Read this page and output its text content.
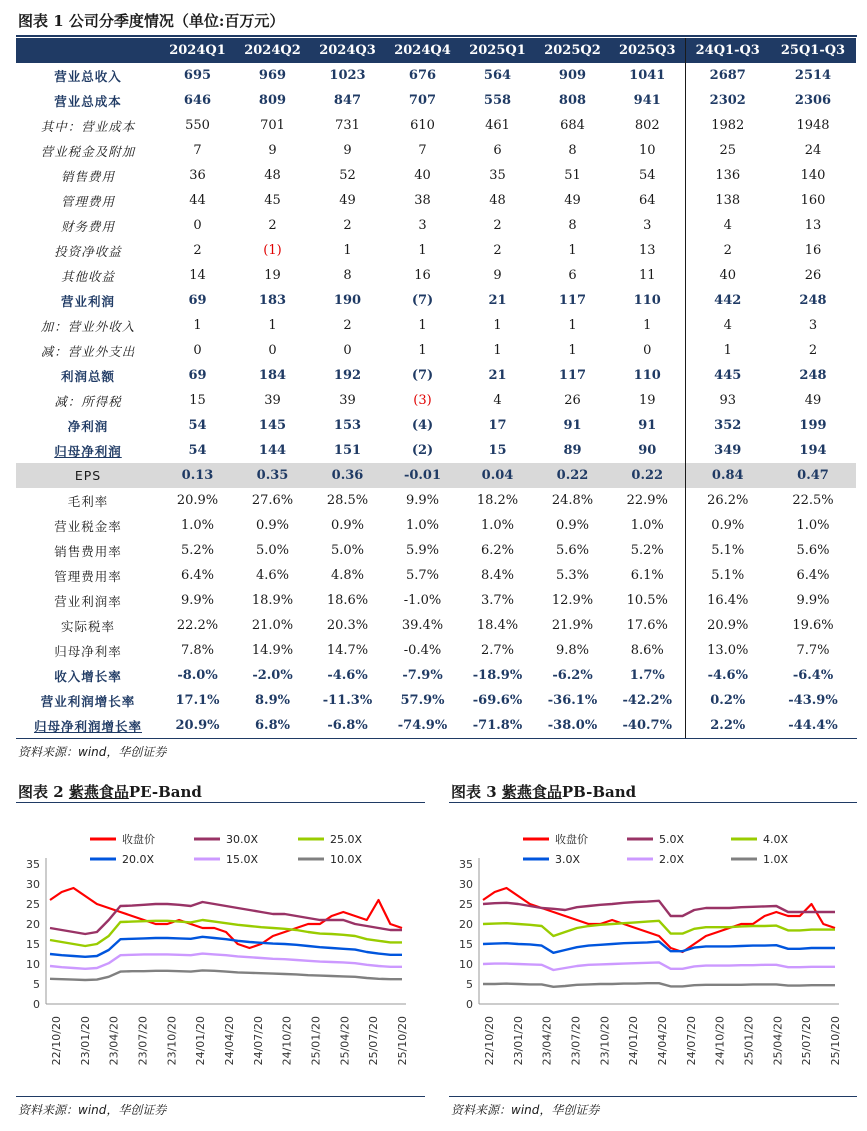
图表 1 公司分季度情况（单位:百万元）
	2024Q1	2024Q2	2024Q3	2024Q4	2025Q1	2025Q2	2025Q3	24Q1-Q3	25Q1-Q3
营业总收入	695	969	1023	676	564	909	1041	2687	2514
营业总成本	646	809	847	707	558	808	941	2302	2306
其中：营业成本	550	701	731	610	461	684	802	1982	1948
营业税金及附加	7	9	9	7	6	8	10	25	24
销售费用	36	48	52	40	35	51	54	136	140
管理费用	44	45	49	38	48	49	64	138	160
财务费用	0	2	2	3	2	8	3	4	13
投资净收益	2	(1)	1	1	2	1	13	2	16
其他收益	14	19	8	16	9	6	11	40	26
营业利润	69	183	190	(7)	21	117	110	442	248
加：营业外收入	1	1	2	1	1	1	1	4	3
减：营业外支出	0	0	0	1	1	1	0	1	2
利润总额	69	184	192	(7)	21	117	110	445	248
减：所得税	15	39	39	(3)	4	26	19	93	49
净利润	54	145	153	(4)	17	91	91	352	199
归母净利润	54	144	151	(2)	15	89	90	349	194
EPS	0.13	0.35	0.36	-0.01	0.04	0.22	0.22	0.84	0.47
毛利率	20.9%	27.6%	28.5%	9.9%	18.2%	24.8%	22.9%	26.2%	22.5%
营业税金率	1.0%	0.9%	0.9%	1.0%	1.0%	0.9%	1.0%	0.9%	1.0%
销售费用率	5.2%	5.0%	5.0%	5.9%	6.2%	5.6%	5.2%	5.1%	5.6%
管理费用率	6.4%	4.6%	4.8%	5.7%	8.4%	5.3%	6.1%	5.1%	6.4%
营业利润率	9.9%	18.9%	18.6%	-1.0%	3.7%	12.9%	10.5%	16.4%	9.9%
实际税率	22.2%	21.0%	20.3%	39.4%	18.4%	21.9%	17.6%	20.9%	19.6%
归母净利率	7.8%	14.9%	14.7%	-0.4%	2.7%	9.8%	8.6%	13.0%	7.7%
收入增长率	-8.0%	-2.0%	-4.6%	-7.9%	-18.9%	-6.2%	1.7%	-4.6%	-6.4%
营业利润增长率	17.1%	8.9%	-11.3%	57.9%	-69.6%	-36.1%	-42.2%	0.2%	-43.9%
归母净利润增长率	20.9%	6.8%	-6.8%	-74.9%	-71.8%	-38.0%	-40.7%	2.2%	-44.4%
资料来源：wind，华创证券
图表 2 紫燕食品PE-Band
收盘价	30.0X	25.0X
20.0X	15.0X	10.0X
0
5
10
15
20
25
30
35
22/10/20 23/01/20 23/04/20 23/07/20 23/10/20 24/01/20 24/04/20 24/07/20 24/10/20 25/01/20 25/04/20 25/07/20 25/10/20
资料来源：wind，华创证券
图表 3 紫燕食品PB-Band
收盘价	5.0X	4.0X
3.0X	2.0X	1.0X
0
5
10
15
20
25
30
35
22/10/20 23/01/20 23/04/20 23/07/20 23/10/20 24/01/20 24/04/20 24/07/20 24/10/20 25/01/20 25/04/20 25/07/20 25/10/20
资料来源：wind，华创证券
